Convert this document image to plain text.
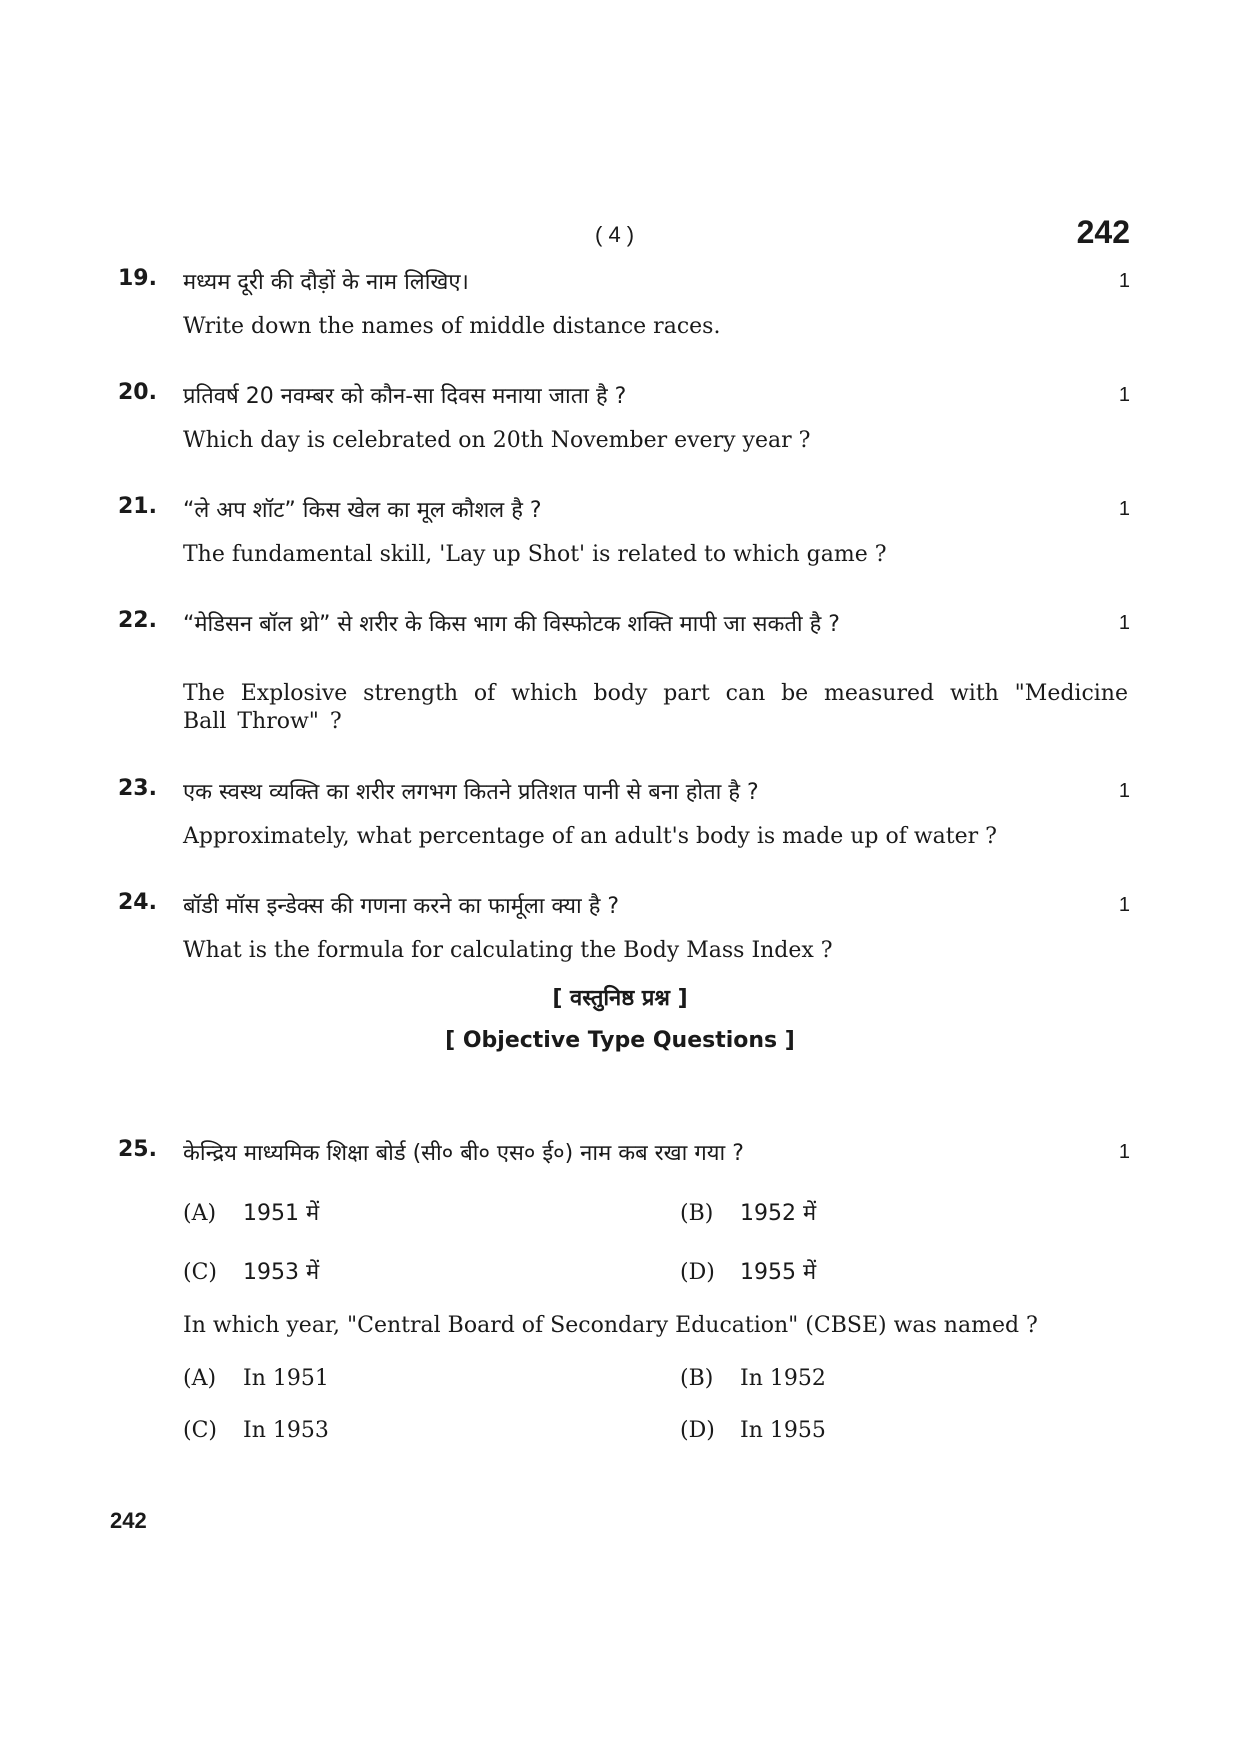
( 4 )	242
19. मध्यम दूरी की दौड़ों के नाम लिखिए।	1
Write down the names of middle distance races.
20. प्रतिवर्ष 20 नवम्बर को कौन-सा दिवस मनाया जाता है ?	1
Which day is celebrated on 20th November every year ?
21. “ले अप शॉट” किस खेल का मूल कौशल है ?	1
The fundamental skill, 'Lay up Shot' is related to which game ?
22. “मेडिसन बॉल थ्रो” से शरीर के किस भाग की विस्फोटक शक्ति मापी जा सकती है ?	1
The Explosive strength of which body part can be measured with "Medicine Ball Throw" ?
23. एक स्वस्थ व्यक्ति का शरीर लगभग कितने प्रतिशत पानी से बना होता है ?	1
Approximately, what percentage of an adult's body is made up of water ?
24. बॉडी मॉस इन्डेक्स की गणना करने का फार्मूला क्या है ?	1
What is the formula for calculating the Body Mass Index ?
[ वस्तुनिष्ठ प्रश्न ]
[ Objective Type Questions ]
25. केन्द्रिय माध्यमिक शिक्षा बोर्ड (सी० बी० एस० ई०) नाम कब रखा गया ?	1
(A) 1951 में	(B) 1952 में
(C) 1953 में	(D) 1955 में
In which year, "Central Board of Secondary Education" (CBSE) was named ?
(A) In 1951	(B) In 1952
(C) In 1953	(D) In 1955
242
